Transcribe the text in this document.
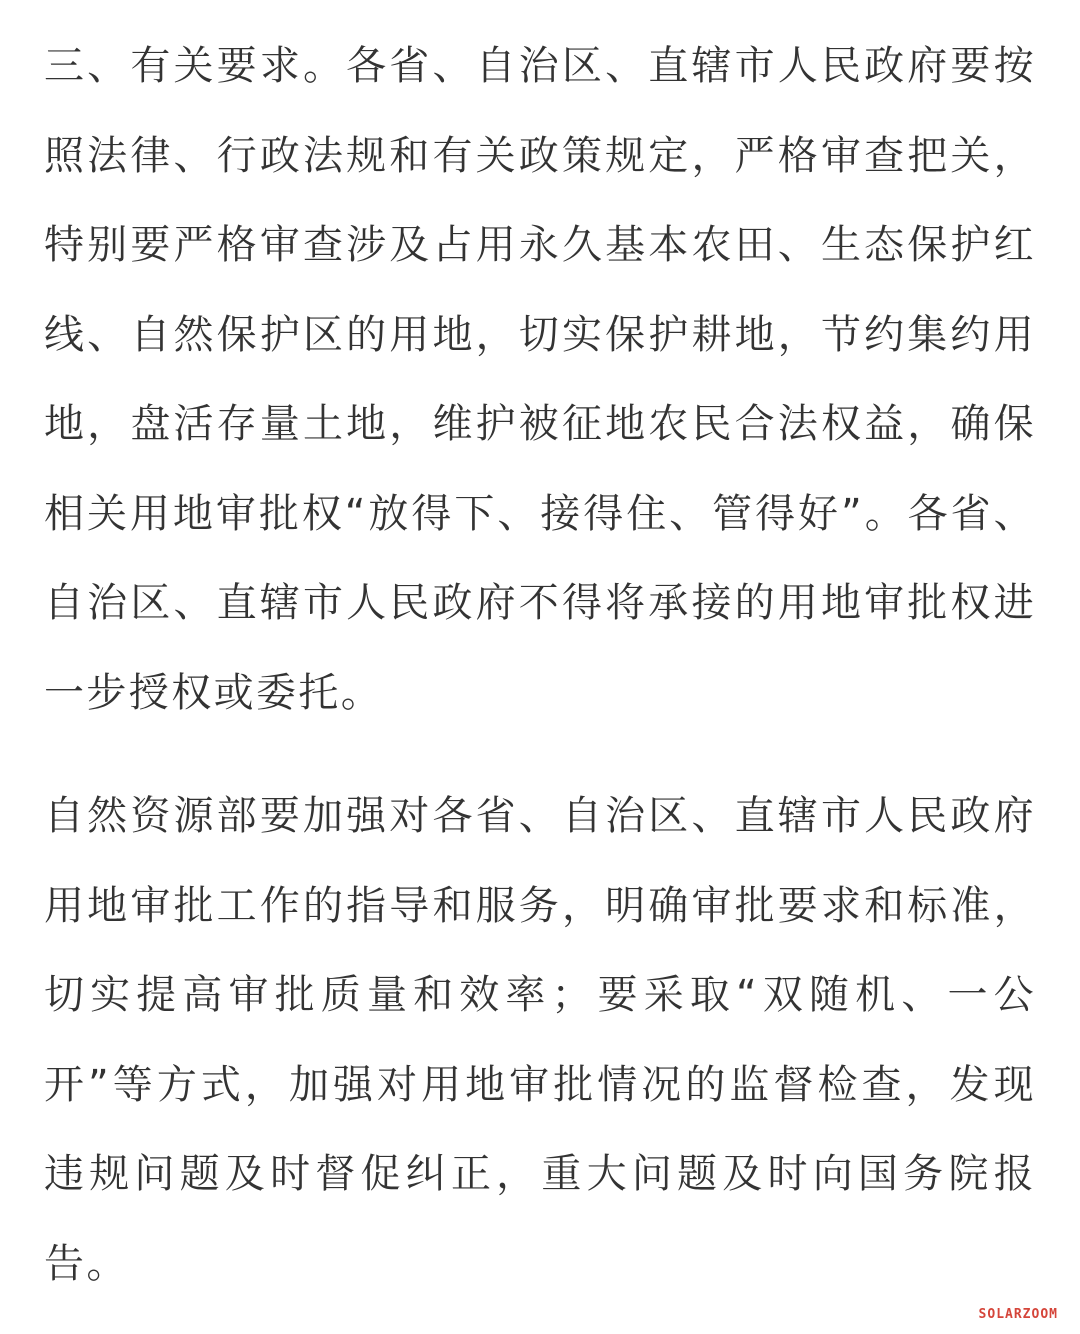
三、有关要求。各省、自治区、直辖市人民政府要按照法律、行政法规和有关政策规定，严格审查把关，特别要严格审查涉及占用永久基本农田、生态保护红线、自然保护区的用地，切实保护耕地，节约集约用地，盘活存量土地，维护被征地农民合法权益，确保相关用地审批权“放得下、接得住、管得好”。各省、自治区、直辖市人民政府不得将承接的用地审批权进一步授权或委托。

自然资源部要加强对各省、自治区、直辖市人民政府用地审批工作的指导和服务，明确审批要求和标准，切实提高审批质量和效率；要采取“双随机、一公开”等方式，加强对用地审批情况的监督检查，发现违规问题及时督促纠正，重大问题及时向国务院报告。

SOLARZOOM
